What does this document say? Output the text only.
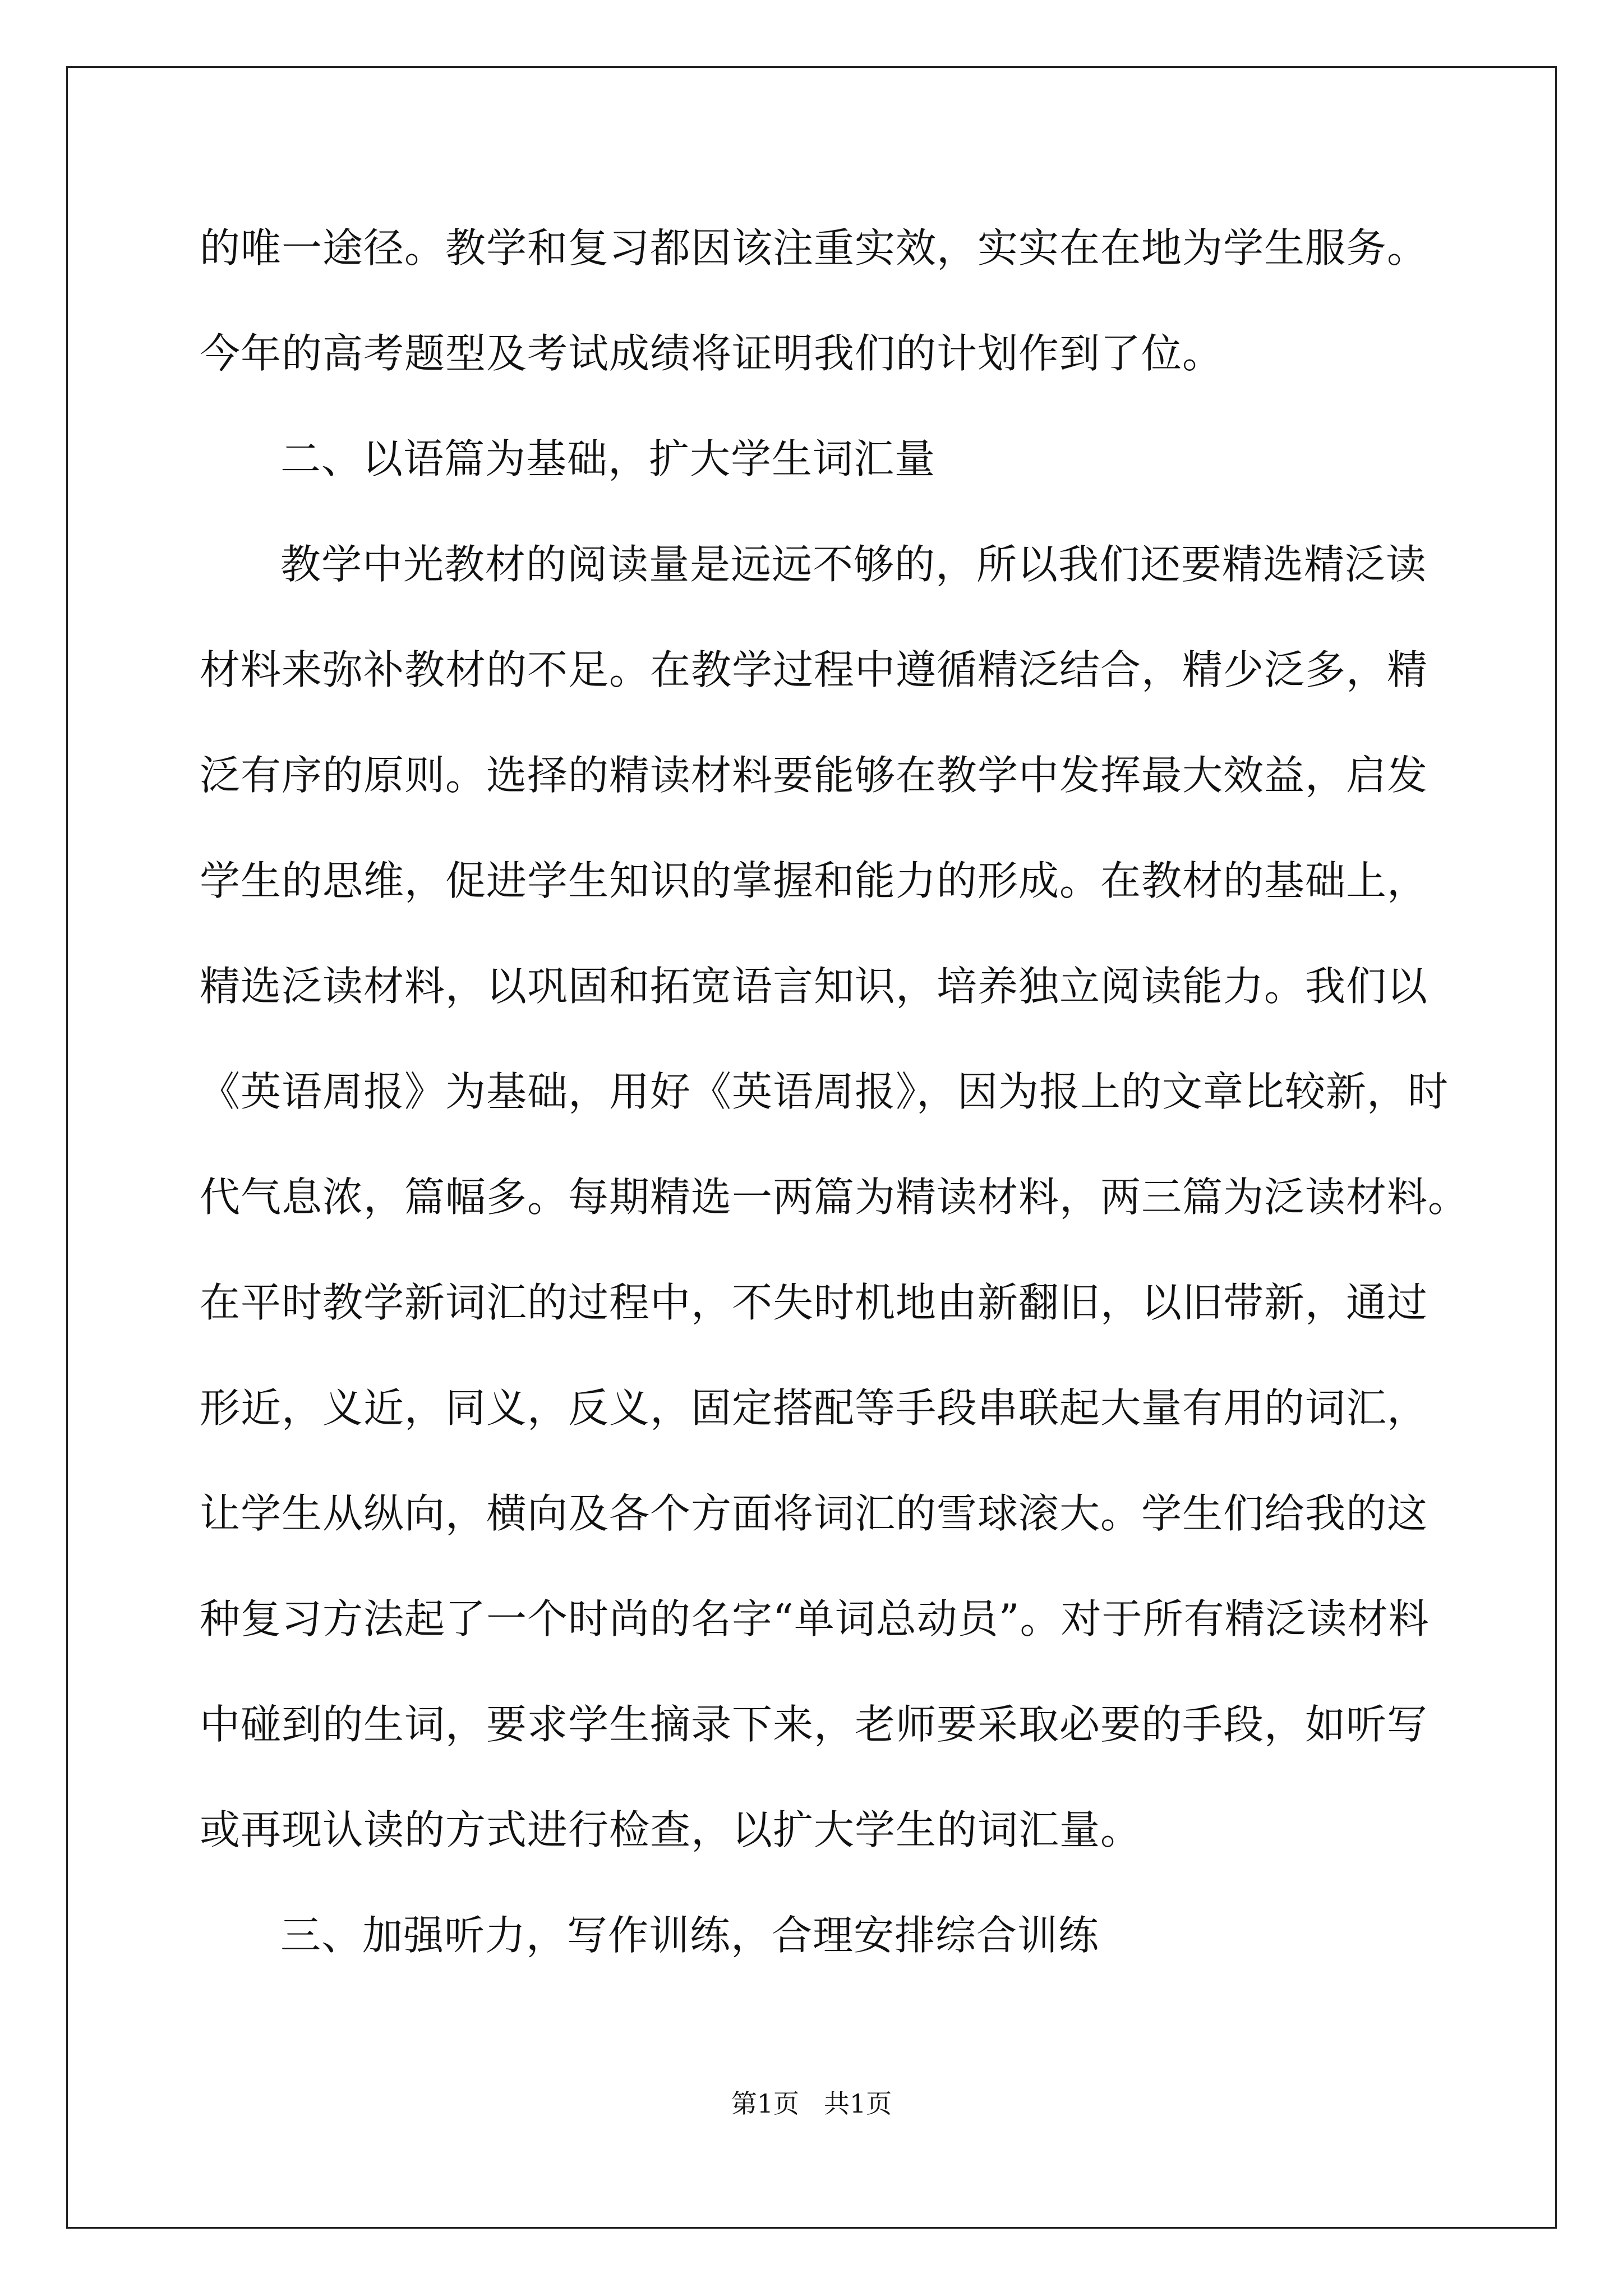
的唯一途径。教学和复习都因该注重实效，实实在在地为学生服务。
今年的高考题型及考试成绩将证明我们的计划作到了位。
二、以语篇为基础，扩大学生词汇量
教学中光教材的阅读量是远远不够的，所以我们还要精选精泛读
材料来弥补教材的不足。在教学过程中遵循精泛结合，精少泛多，精
泛有序的原则。选择的精读材料要能够在教学中发挥最大效益，启发
学生的思维，促进学生知识的掌握和能力的形成。在教材的基础上，
精选泛读材料，以巩固和拓宽语言知识，培养独立阅读能力。我们以
《英语周报》为基础，用好《英语周报》，因为报上的文章比较新，时
代气息浓，篇幅多。每期精选一两篇为精读材料，两三篇为泛读材料。
在平时教学新词汇的过程中，不失时机地由新翻旧，以旧带新，通过
形近，义近，同义，反义，固定搭配等手段串联起大量有用的词汇，
让学生从纵向，横向及各个方面将词汇的雪球滚大。学生们给我的这
种复习方法起了一个时尚的名字“单词总动员”。对于所有精泛读材料
中碰到的生词，要求学生摘录下来，老师要采取必要的手段，如听写
或再现认读的方式进行检查，以扩大学生的词汇量。
三、加强听力，写作训练，合理安排综合训练
第1页 共1页
